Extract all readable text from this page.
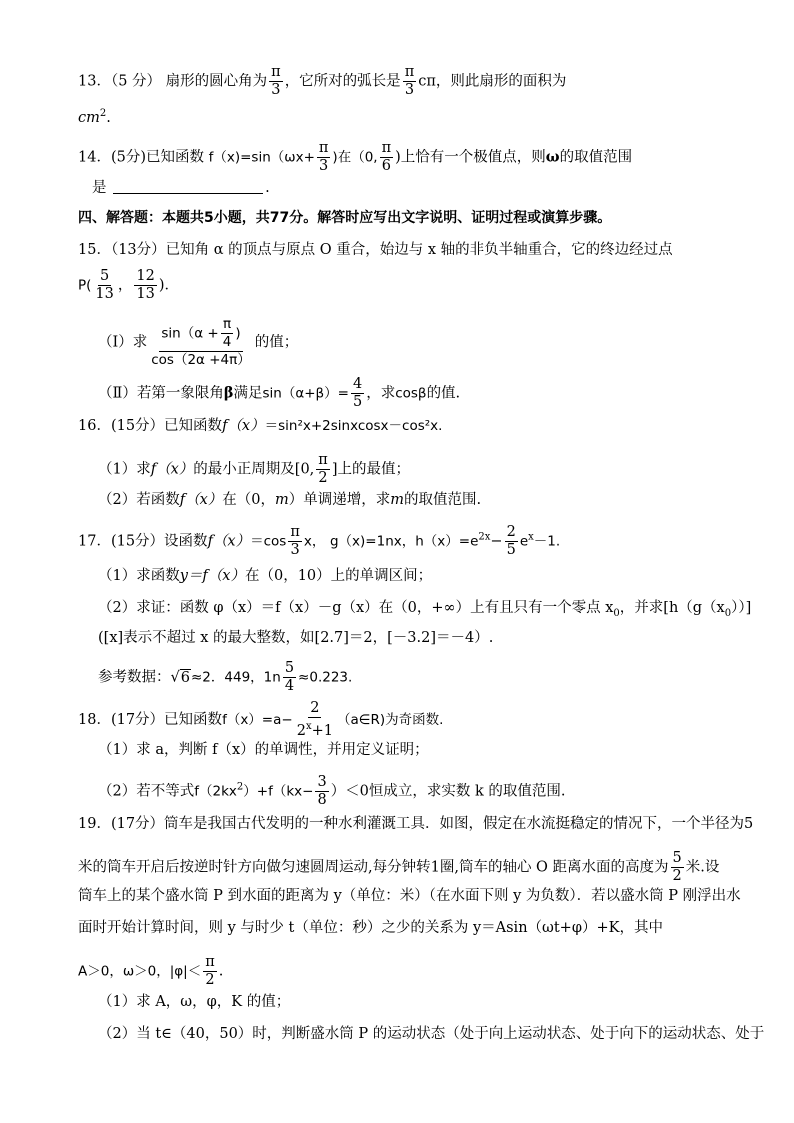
13．（5 分） 扇形的圆心角为 $\frac{\pi}{3}$ ，它所对的弧长是 $\frac{\pi}{3}$ cπ，则此扇形的面积为
$cm^2$.
14．(5分)已知函数 $f(x)=\sin(\omega x+ \frac{\pi}{3}$ )在（0, $\frac{\pi}{6}$ )上恰有一个极值点，则ω的取值范围
是	.
四、解答题：本题共5小题，共77分。解答时应写出文字说明、证明过程或演算步骤。
15．（13分）已知角 α 的顶点与原点 O 重合，始边与 x 轴的非负半轴重合，它的终边经过点
$P( \frac{5}{13}$ ， $\frac{12}{13}$ )．
（Ⅰ）求 $\frac{\sin(\alpha + \frac{\pi}{4} )}{\cos(2\alpha +4\pi)}$ 的值；
（Ⅱ）若第一象限角β满足$\sin(\alpha+\beta)= \frac{4}{5}$ ，求cosβ的值.
16．(15分）已知函数f（x）＝sin²x+2sinxcosx－cos²x.
（1）求f（x）的最小正周期及[0, $\frac{\pi}{2}$ ]上的最值；
（2）若函数f（x）在（0，m）单调递增，求m的取值范围.
17．(15分）设函数$f(x)=\cos \frac{\pi}{3}$ x， g（x)=1nx，$h(x)=e^{2x}- \frac{2}{5} e^x-1$.
（1）求函数y＝f（x）在（0，10）上的单调区间；
（2）求证：函数 φ（x）＝f（x）－g（x）在（0，+∞）上有且只有一个零点 $x_0$，并求$[h(g(x_0))]$
([x]表示不超过 x 的最大整数，如[2.7]＝2，[－3.2]＝－4）.
参考数据：√6≈2．449，$1n \frac{5}{4} \approx 0.223$.
18．(17分）已知函数$f(x)=a- \frac{2}{2^x+1}$ （a∈R)为奇函数.
（1）求 a，判断 f（x）的单调性，并用定义证明；
（2）若不等式$f(2kx^2)+f(kx- \frac{3}{8} )<0$恒成立，求实数 k 的取值范围.
19．(17分）筒车是我国古代发明的一种水利灌溉工具．如图，假定在水流挺稳定的情况下，一个半径为5
米的筒车开启后按逆时针方向做匀速圆周运动,每分钟转1圈,筒车的轴心 O 距离水面的高度为 $\frac{5}{2}$ 米.设
筒车上的某个盛水筒 P 到水面的距离为 y（单位：米）（在水面下则 y 为负数）．若以盛水筒 P 刚浮出水
面时开始计算时间，则 y 与时少 t（单位：秒）之少的关系为 y＝Asin（ωt+φ）+K，其中
A＞0，ω＞0，$|\varphi|< \frac{\pi}{2}$ .
（1）求 A，ω，φ，K 的值；
（2）当 t∈（40，50）时，判断盛水筒 P 的运动状态（处于向上运动状态、处于向下的运动状态、处于
